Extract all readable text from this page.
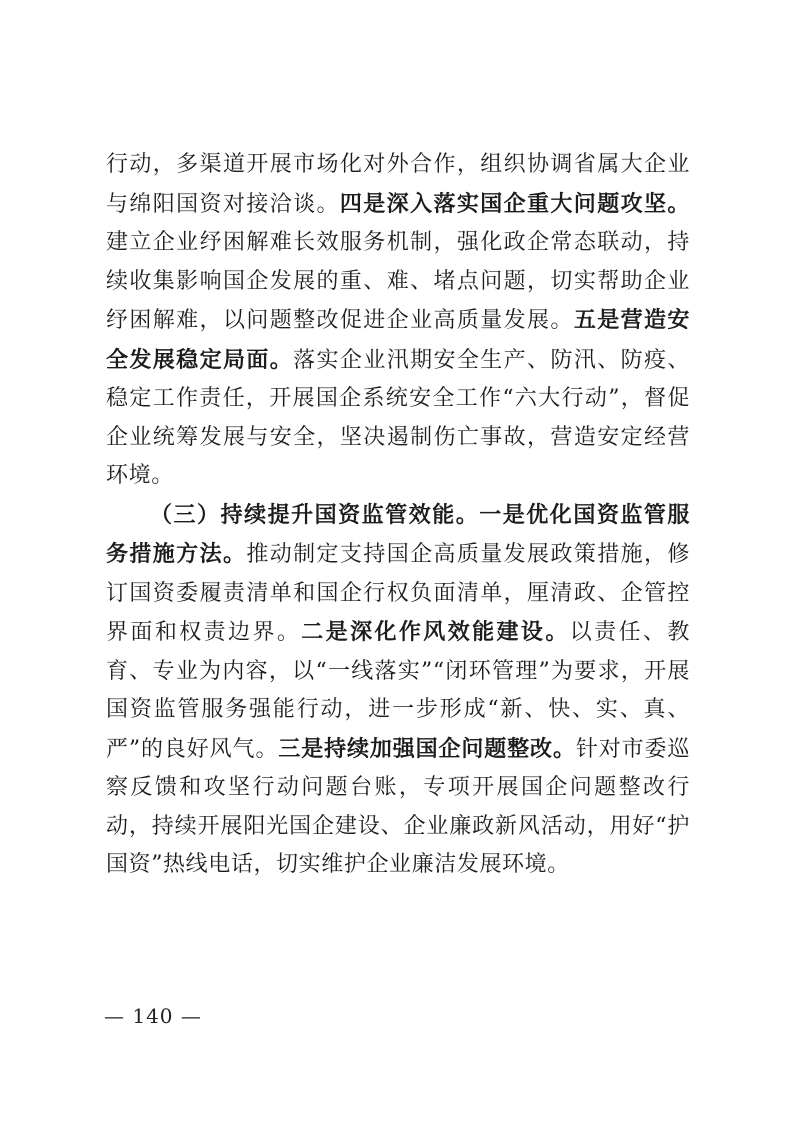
行动，多渠道开展市场化对外合作，组织协调省属大企业与绵阳国资对接洽谈。四是深入落实国企重大问题攻坚。建立企业纾困解难长效服务机制，强化政企常态联动，持续收集影响国企发展的重、难、堵点问题，切实帮助企业纾困解难，以问题整改促进企业高质量发展。五是营造安全发展稳定局面。落实企业汛期安全生产、防汛、防疫、稳定工作责任，开展国企系统安全工作“六大行动”，督促企业统筹发展与安全，坚决遏制伤亡事故，营造安定经营环境。

（三）持续提升国资监管效能。一是优化国资监管服务措施方法。推动制定支持国企高质量发展政策措施，修订国资委履责清单和国企行权负面清单，厘清政、企管控界面和权责边界。二是深化作风效能建设。以责任、教育、专业为内容，以“一线落实”“闭环管理”为要求，开展国资监管服务强能行动，进一步形成“新、快、实、真、严”的良好风气。三是持续加强国企问题整改。针对市委巡察反馈和攻坚行动问题台账，专项开展国企问题整改行动，持续开展阳光国企建设、企业廉政新风活动，用好“护国资”热线电话，切实维护企业廉洁发展环境。

— 140 —
